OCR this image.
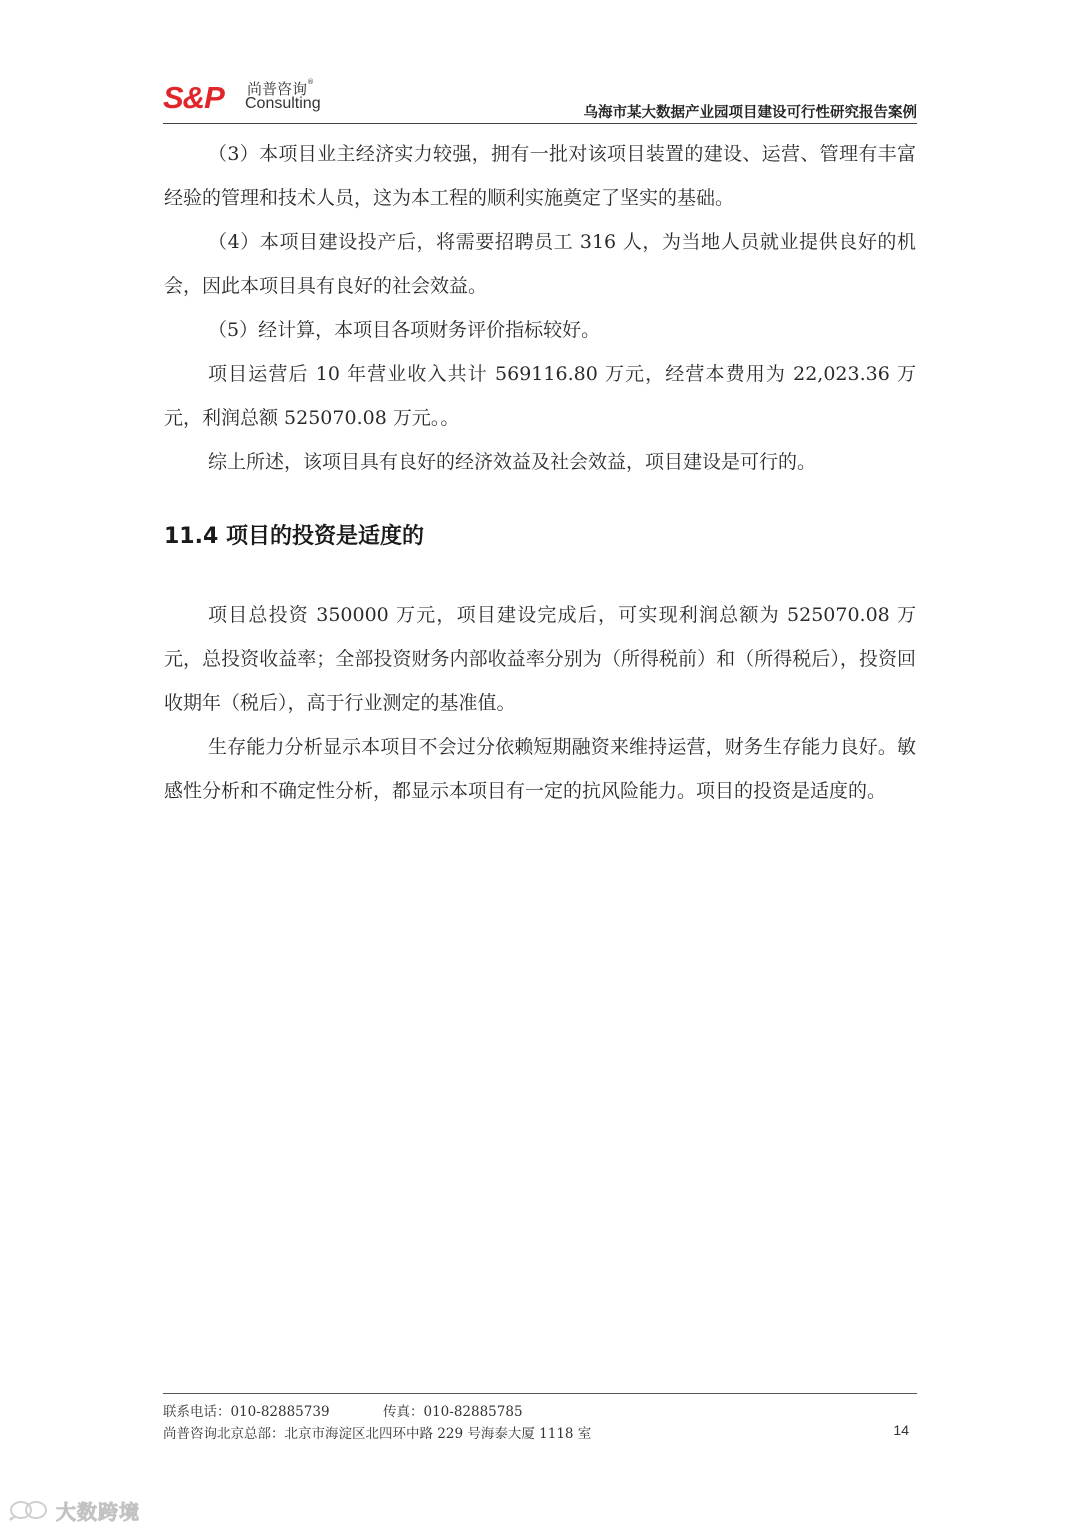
S&P 尚普咨询®
Consulting
乌海市某大数据产业园项目建设可行性研究报告案例

（3）本项目业主经济实力较强，拥有一批对该项目装置的建设、运营、管理有丰富经验的管理和技术人员，这为本工程的顺利实施奠定了坚实的基础。

（4）本项目建设投产后，将需要招聘员工 316 人，为当地人员就业提供良好的机会，因此本项目具有良好的社会效益。

（5）经计算，本项目各项财务评价指标较好。

项目运营后 10 年营业收入共计 569116.80 万元，经营本费用为 22,023.36 万元，利润总额 525070.08 万元。。

综上所述，该项目具有良好的经济效益及社会效益，项目建设是可行的。

11.4 项目的投资是适度的

项目总投资 350000 万元，项目建设完成后，可实现利润总额为 525070.08 万元，总投资收益率；全部投资财务内部收益率分别为（所得税前）和（所得税后），投资回收期年（税后），高于行业测定的基准值。

生存能力分析显示本项目不会过分依赖短期融资来维持运营，财务生存能力良好。敏感性分析和不确定性分析，都显示本项目有一定的抗风险能力。项目的投资是适度的。

联系电话：010-82885739	传真：010-82885785
尚普咨询北京总部：北京市海淀区北四环中路 229 号海泰大厦 1118 室	14
大数跨境
